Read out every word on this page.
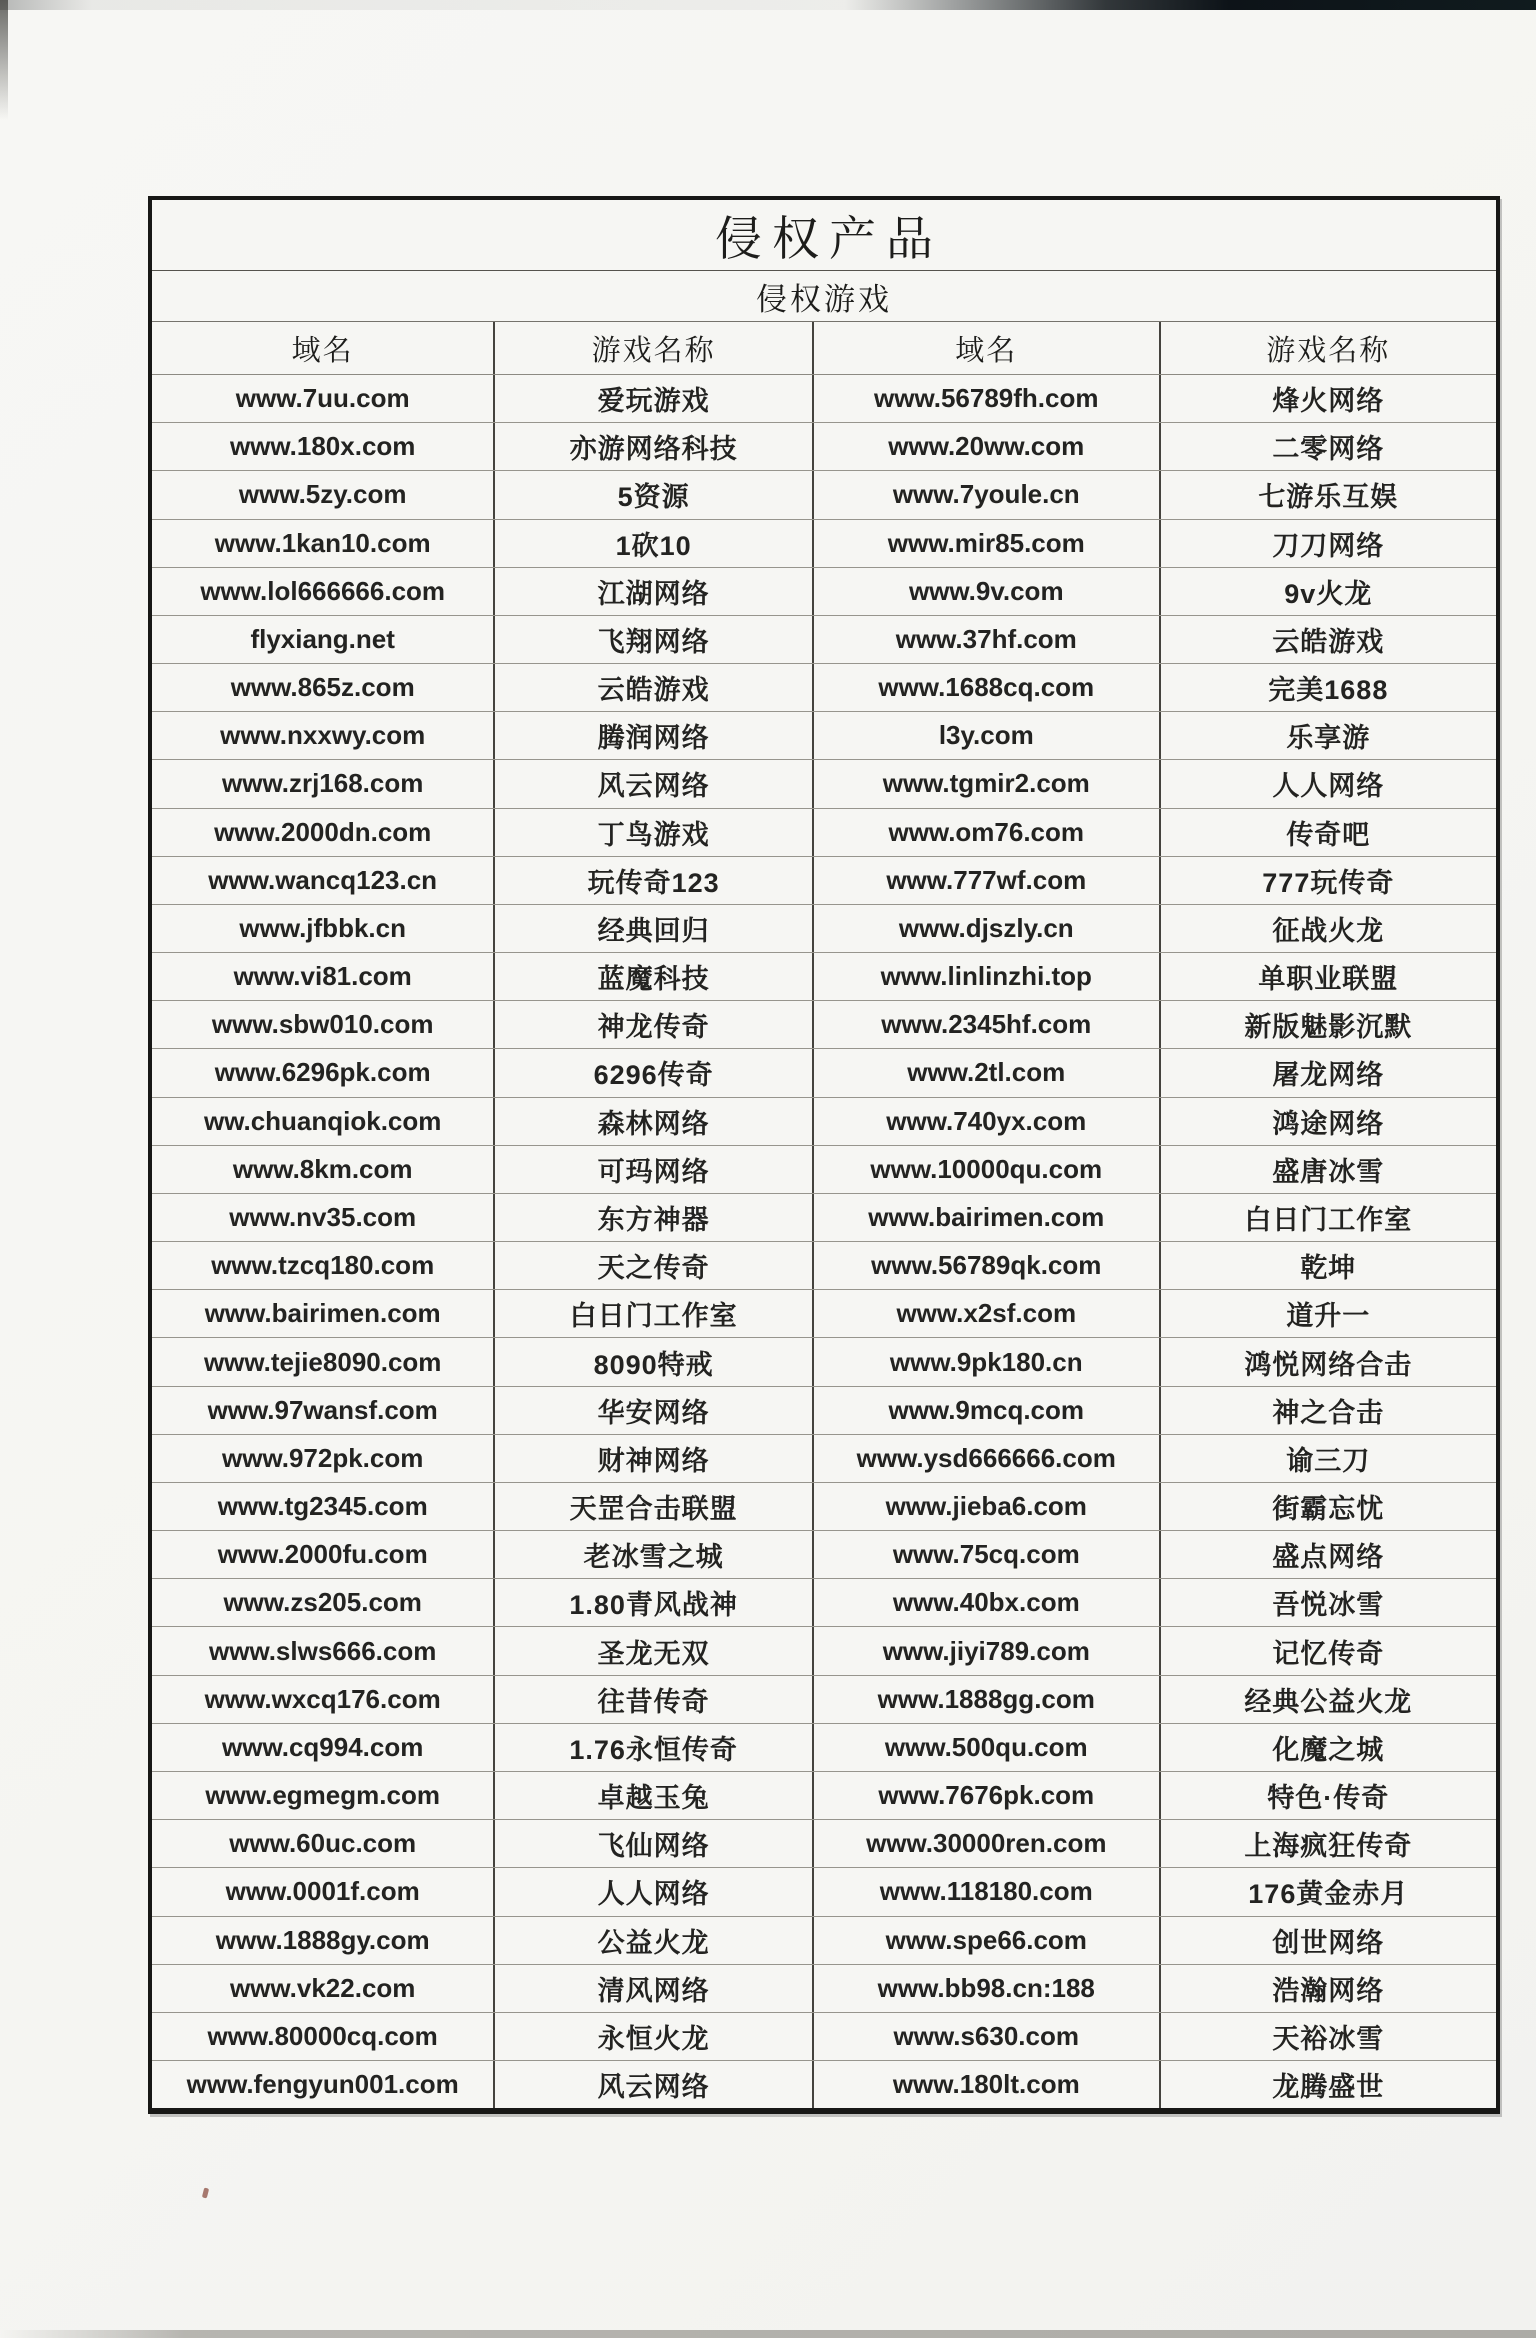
侵权产品
侵权游戏
域名	游戏名称	域名	游戏名称
www.7uu.com	爱玩游戏	www.56789fh.com	烽火网络
www.180x.com	亦游网络科技	www.20ww.com	二零网络
www.5zy.com	5资源	www.7youle.cn	七游乐互娱
www.1kan10.com	1砍10	www.mir85.com	刀刀网络
www.lol666666.com	江湖网络	www.9v.com	9v火龙
flyxiang.net	飞翔网络	www.37hf.com	云皓游戏
www.865z.com	云皓游戏	www.1688cq.com	完美1688
www.nxxwy.com	腾润网络	l3y.com	乐享游
www.zrj168.com	风云网络	www.tgmir2.com	人人网络
www.2000dn.com	丁鸟游戏	www.om76.com	传奇吧
www.wancq123.cn	玩传奇123	www.777wf.com	777玩传奇
www.jfbbk.cn	经典回归	www.djszly.cn	征战火龙
www.vi81.com	蓝魔科技	www.linlinzhi.top	单职业联盟
www.sbw010.com	神龙传奇	www.2345hf.com	新版魅影沉默
www.6296pk.com	6296传奇	www.2tl.com	屠龙网络
ww.chuanqiok.com	森林网络	www.740yx.com	鸿途网络
www.8km.com	可玛网络	www.10000qu.com	盛唐冰雪
www.nv35.com	东方神器	www.bairimen.com	白日门工作室
www.tzcq180.com	天之传奇	www.56789qk.com	乾坤
www.bairimen.com	白日门工作室	www.x2sf.com	道升一
www.tejie8090.com	8090特戒	www.9pk180.cn	鸿悦网络合击
www.97wansf.com	华安网络	www.9mcq.com	神之合击
www.972pk.com	财神网络	www.ysd666666.com	谕三刀
www.tg2345.com	天罡合击联盟	www.jieba6.com	街霸忘忧
www.2000fu.com	老冰雪之城	www.75cq.com	盛点网络
www.zs205.com	1.80青风战神	www.40bx.com	吾悦冰雪
www.slws666.com	圣龙无双	www.jiyi789.com	记忆传奇
www.wxcq176.com	往昔传奇	www.1888gg.com	经典公益火龙
www.cq994.com	1.76永恒传奇	www.500qu.com	化魔之城
www.egmegm.com	卓越玉兔	www.7676pk.com	特色·传奇
www.60uc.com	飞仙网络	www.30000ren.com	上海疯狂传奇
www.0001f.com	人人网络	www.118180.com	176黄金赤月
www.1888gy.com	公益火龙	www.spe66.com	创世网络
www.vk22.com	清风网络	www.bb98.cn:188	浩瀚网络
www.80000cq.com	永恒火龙	www.s630.com	天裕冰雪
www.fengyun001.com	风云网络	www.180lt.com	龙腾盛世
